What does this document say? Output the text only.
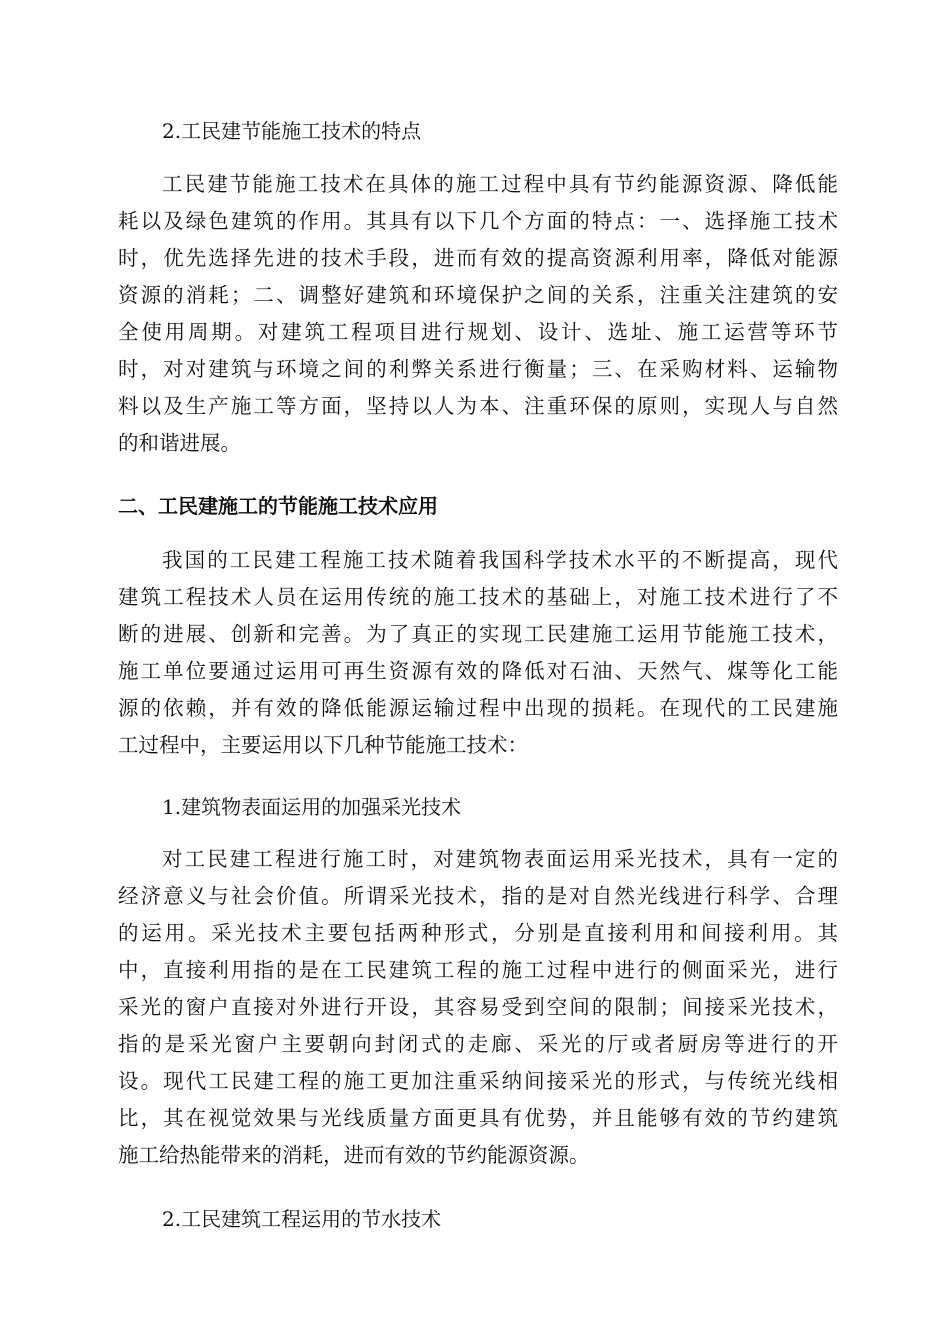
2.工民建节能施工技术的特点
工民建节能施工技术在具体的施工过程中具有节约能源资源、降低能
耗以及绿色建筑的作用。其具有以下几个方面的特点：一、选择施工技术
时，优先选择先进的技术手段，进而有效的提高资源利用率，降低对能源
资源的消耗；二、调整好建筑和环境保护之间的关系，注重关注建筑的安
全使用周期。对建筑工程项目进行规划、设计、选址、施工运营等环节
时，对对建筑与环境之间的利弊关系进行衡量；三、在采购材料、运输物
料以及生产施工等方面，坚持以人为本、注重环保的原则，实现人与自然
的和谐进展。
二、工民建施工的节能施工技术应用
我国的工民建工程施工技术随着我国科学技术水平的不断提高，现代
建筑工程技术人员在运用传统的施工技术的基础上，对施工技术进行了不
断的进展、创新和完善。为了真正的实现工民建施工运用节能施工技术，
施工单位要通过运用可再生资源有效的降低对石油、天然气、煤等化工能
源的依赖，并有效的降低能源运输过程中出现的损耗。在现代的工民建施
工过程中，主要运用以下几种节能施工技术：
1.建筑物表面运用的加强采光技术
对工民建工程进行施工时，对建筑物表面运用采光技术，具有一定的
经济意义与社会价值。所谓采光技术，指的是对自然光线进行科学、合理
的运用。采光技术主要包括两种形式，分别是直接利用和间接利用。其
中，直接利用指的是在工民建筑工程的施工过程中进行的侧面采光，进行
采光的窗户直接对外进行开设，其容易受到空间的限制；间接采光技术，
指的是采光窗户主要朝向封闭式的走廊、采光的厅或者厨房等进行的开
设。现代工民建工程的施工更加注重采纳间接采光的形式，与传统光线相
比，其在视觉效果与光线质量方面更具有优势，并且能够有效的节约建筑
施工给热能带来的消耗，进而有效的节约能源资源。
2.工民建筑工程运用的节水技术
